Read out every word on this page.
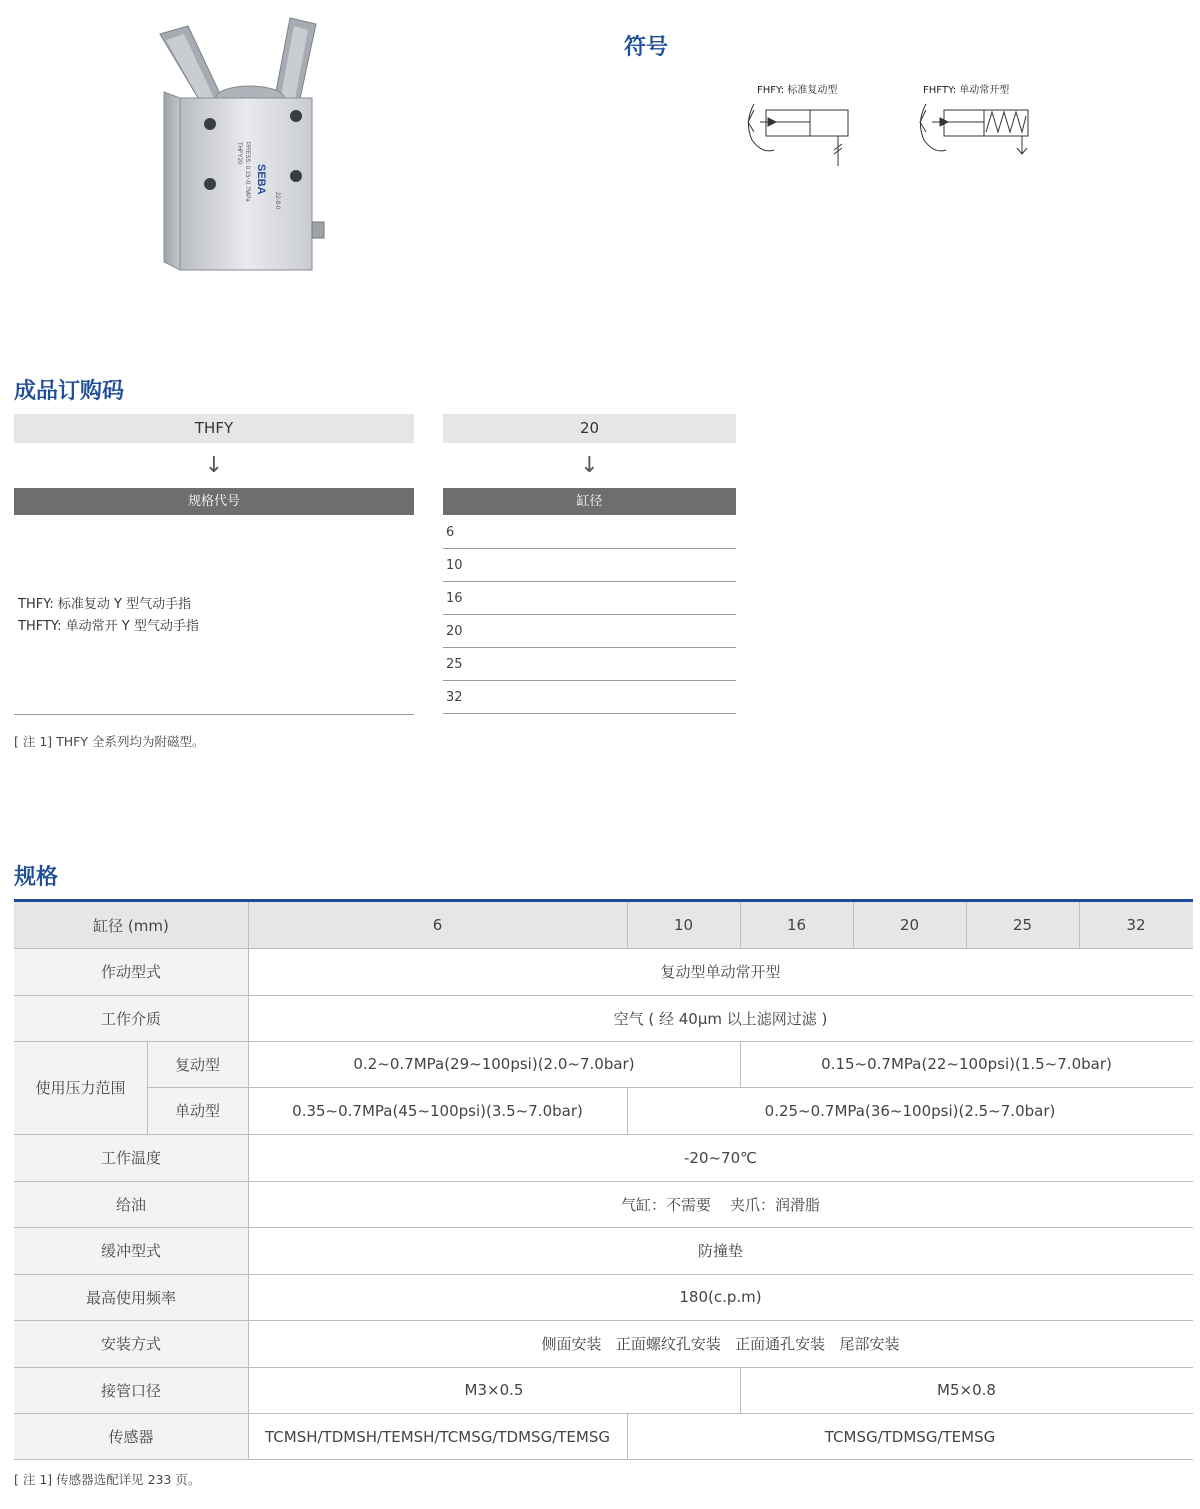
SEBA
THFY20 PRESS: 0.15~0.7MPa	22-8-0
符号
FHFY: 标准复动型	FHFTY: 单动常开型
成品订购码
THFY
↓
规格代号
20
↓
缸径
THFY: 标准复动 Y 型气动手指
THFTY: 单动常开 Y 型气动手指
6
10
16
20
25
32
[ 注 1] THFY 全系列均为附磁型。
规格
缸径 (mm)	6	10	16	20	25	32
作动型式	复动型单动常开型
工作介质	空气 ( 经 40μm 以上滤网过滤 )
使用压力范围
复动型	0.2~0.7MPa(29~100psi)(2.0~7.0bar)	0.15~0.7MPa(22~100psi)(1.5~7.0bar)
单动型	0.35~0.7MPa(45~100psi)(3.5~7.0bar)	0.25~0.7MPa(36~100psi)(2.5~7.0bar)
工作温度	-20~70℃
给油	气缸：不需要    夹爪：润滑脂
缓冲型式	防撞垫
最高使用频率	180(c.p.m)
安装方式	侧面安装   正面螺纹孔安装   正面通孔安装   尾部安装
接管口径	M3×0.5	M5×0.8
传感器	TCMSH/TDMSH/TEMSH/TCMSG/TDMSG/TEMSG	TCMSG/TDMSG/TEMSG
[ 注 1] 传感器选配详见 233 页。
